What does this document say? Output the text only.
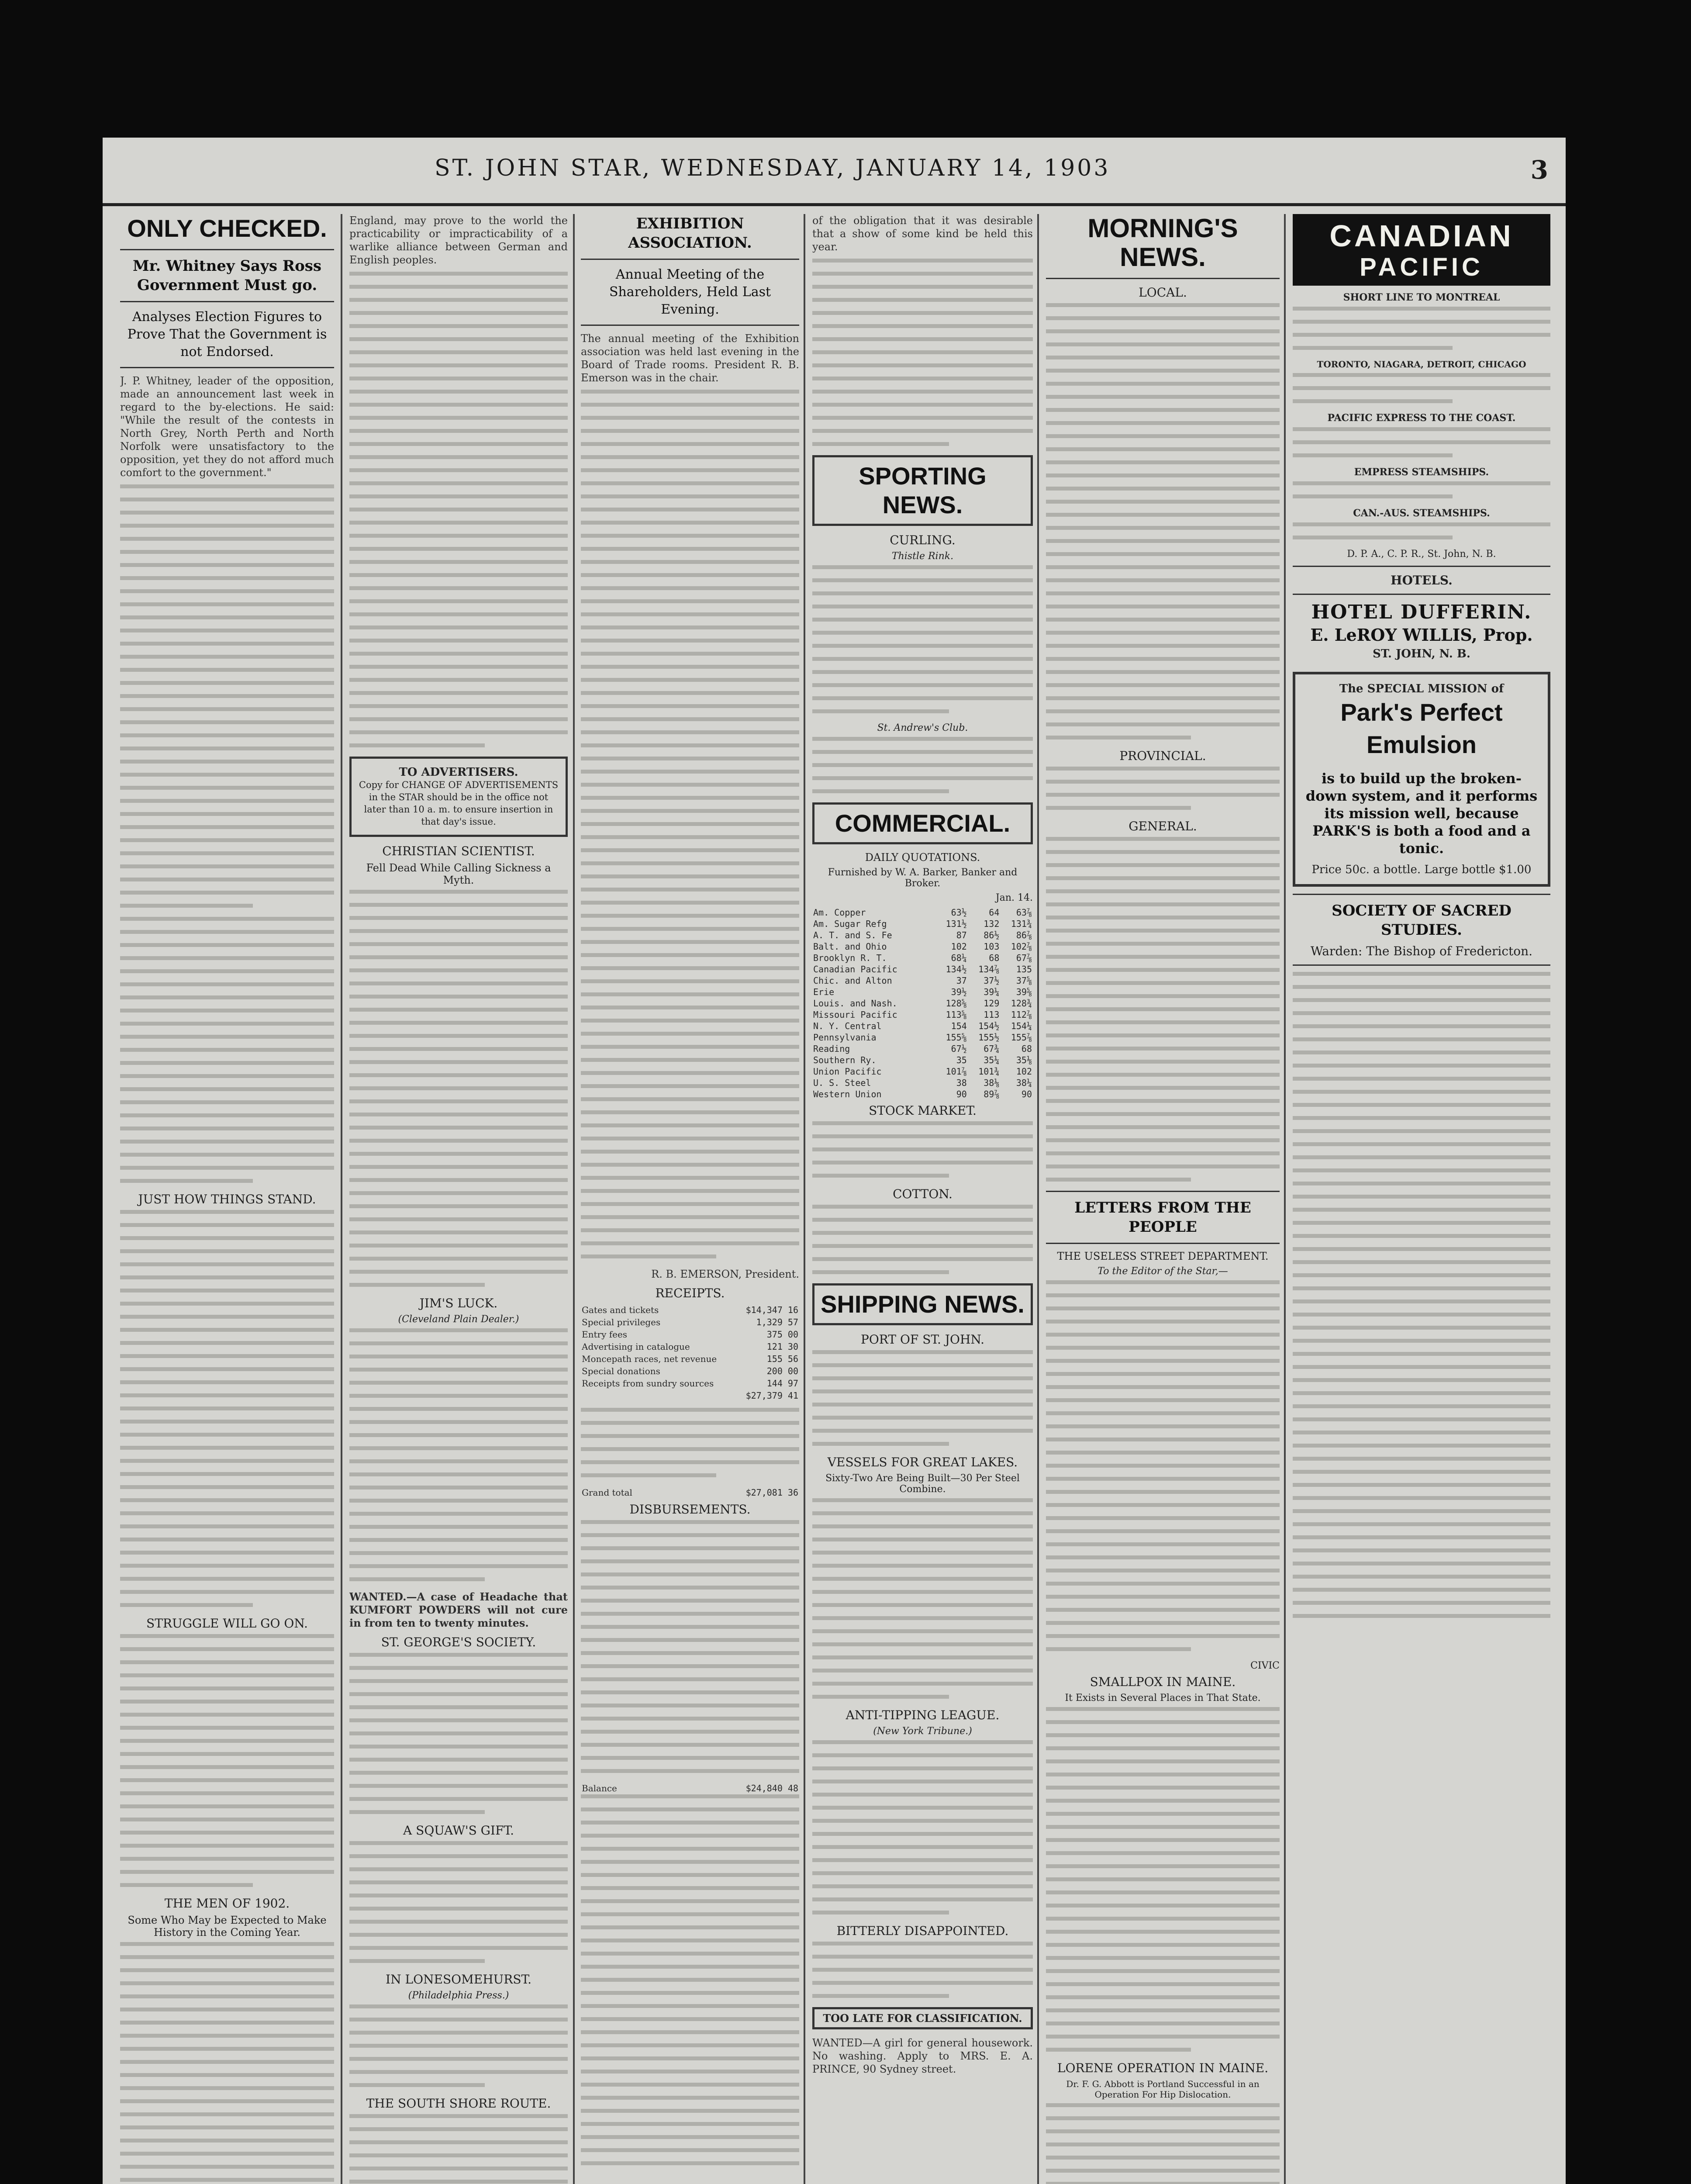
ST. JOHN STAR, WEDNESDAY, JANUARY 14, 1903	3
ONLY CHECKED.
Mr. Whitney Says Ross Government Must go.
Analyses Election Figures to Prove That the Government is not Endorsed.

J. P. Whitney, leader of the opposition, made an announcement last week in regard to the by-elections. He said: "While the result of the contests in North Grey, North Perth and North Norfolk were unsatisfactory to the opposition, yet they do not afford much comfort to the government."

JUST HOW THINGS STAND.
STRUGGLE WILL GO ON.
THE MEN OF 1902.
Some Who May be Expected to Make History in the Coming Year.

England, may prove to the world the practicability or impracticability of a warlike alliance between German and English peoples.

TO ADVERTISERS.
Copy for CHANGE OF ADVERTISEMENTS in the STAR should be in the office not later than 10 a. m. to ensure insertion in that day's issue.
CHRISTIAN SCIENTIST.
Fell Dead While Calling Sickness a Myth.
JIM'S LUCK.
(Cleveland Plain Dealer.)

WANTED.—A case of Headache that KUMFORT POWDERS will not cure in from ten to twenty minutes.

ST. GEORGE'S SOCIETY.
A SQUAW'S GIFT.
IN LONESOMEHURST.
(Philadelphia Press.)
THE SOUTH SHORE ROUTE.
EXHIBITION ASSOCIATION.
Annual Meeting of the Shareholders, Held Last Evening.

The annual meeting of the Exhibition association was held last evening in the Board of Trade rooms. President R. B. Emerson was in the chair.

R. B. EMERSON, President.

RECEIPTS.
Gates and tickets	$14,347 16
Special privileges	1,329 57
Entry fees	375 00
Advertising in catalogue	121 30
Moncepath races, net revenue	155 56
Special donations	200 00
Receipts from sundry sources	144 97
	$27,379 41
Grand total	$27,081 36
DISBURSEMENTS.
Balance	$24,840 48

of the obligation that it was desirable that a show of some kind be held this year.

SPORTING NEWS.
CURLING.
Thistle Rink.
St. Andrew's Club.
COMMERCIAL.
DAILY QUOTATIONS.
Furnished by W. A. Barker, Banker and Broker.
Jan. 14.
Am. Copper	63½	64	63⅞
Am. Sugar Refg	131½	132	131¾
A. T. and S. Fe	87	86½	86⅞
Balt. and Ohio	102	103	102⅞
Brooklyn R. T.	68¼	68	67⅞
Canadian Pacific	134½	134⅞	135
Chic. and Alton	37	37½	37⅝
Erie	39½	39¼	39⅝
Louis. and Nash.	128⅝	129	128¾
Missouri Pacific	113⅝	113	112⅞
N. Y. Central	154	154½	154¼
Pennsylvania	155⅝	155½	155⅞
Reading	67½	67¾	68
Southern Ry.	35	35¼	35⅛
Union Pacific	101⅞	101¾	102
U. S. Steel	38	38⅛	38¼
Western Union	90	89⅞	90
STOCK MARKET.
COTTON.
SHIPPING NEWS.
PORT OF ST. JOHN.
VESSELS FOR GREAT LAKES.
Sixty-Two Are Being Built—30 Per Steel Combine.
ANTI-TIPPING LEAGUE.
(New York Tribune.)
BITTERLY DISAPPOINTED.
TOO LATE FOR CLASSIFICATION.

WANTED—A girl for general housework. No washing. Apply to MRS. E. A. PRINCE, 90 Sydney street.

MORNING'S NEWS.
LOCAL.
PROVINCIAL.
GENERAL.
LETTERS FROM THE PEOPLE
THE USELESS STREET DEPARTMENT.
To the Editor of the Star,—
CIVIC
SMALLPOX IN MAINE.
It Exists in Several Places in That State.
LORENE OPERATION IN MAINE.
Dr. F. G. Abbott is Portland Successful in an Operation For Hip Dislocation.
CANADIAN
PACIFIC
SHORT LINE TO MONTREAL
TORONTO, NIAGARA, DETROIT, CHICAGO
PACIFIC EXPRESS TO THE COAST.
EMPRESS STEAMSHIPS.
CAN.-AUS. STEAMSHIPS.
D. P. A., C. P. R., St. John, N. B.
HOTELS.
HOTEL DUFFERIN.
E. LeROY WILLIS, Prop.
ST. JOHN, N. B.
The SPECIAL MISSION of
Park's Perfect
Emulsion
is to build up the broken-down system, and it performs its mission well, because PARK'S is both a food and a tonic.
Price 50c. a bottle. Large bottle $1.00
SOCIETY OF SACRED STUDIES.
Warden: The Bishop of Fredericton.
